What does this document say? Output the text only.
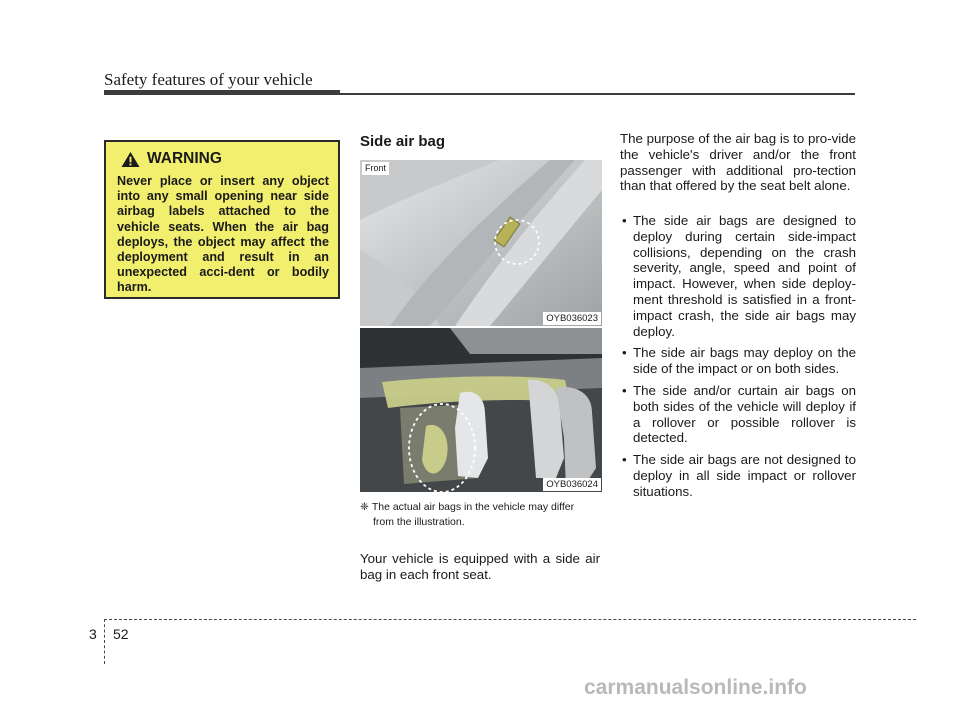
Safety features of your vehicle
WARNING
Never place or insert any object into any small opening near side airbag labels attached to the vehicle seats. When the air bag deploys, the object may affect the deployment and result in an unexpected acci-dent or bodily harm.
Side air bag
Front
OYB036023
OYB036024
❈ The actual air bags in the vehicle may differ
from the illustration.
Your vehicle is equipped with a side air bag in each front seat.
The purpose of the air bag is to pro-vide the vehicle's driver and/or the front passenger with additional pro-tection than that offered by the seat belt alone.
• The side air bags are designed to deploy during certain side-impact collisions, depending on the crash severity, angle, speed and point of impact. However, when side deploy-ment threshold is satisfied in a front-impact crash, the side air bags may deploy.
• The side air bags may deploy on the side of the impact or on both sides.
• The side and/or curtain air bags on both sides of the vehicle will deploy if a rollover or possible rollover is detected.
• The side air bags are not designed to deploy in all side impact or rollover situations.
3 52
carmanualsonline.info
